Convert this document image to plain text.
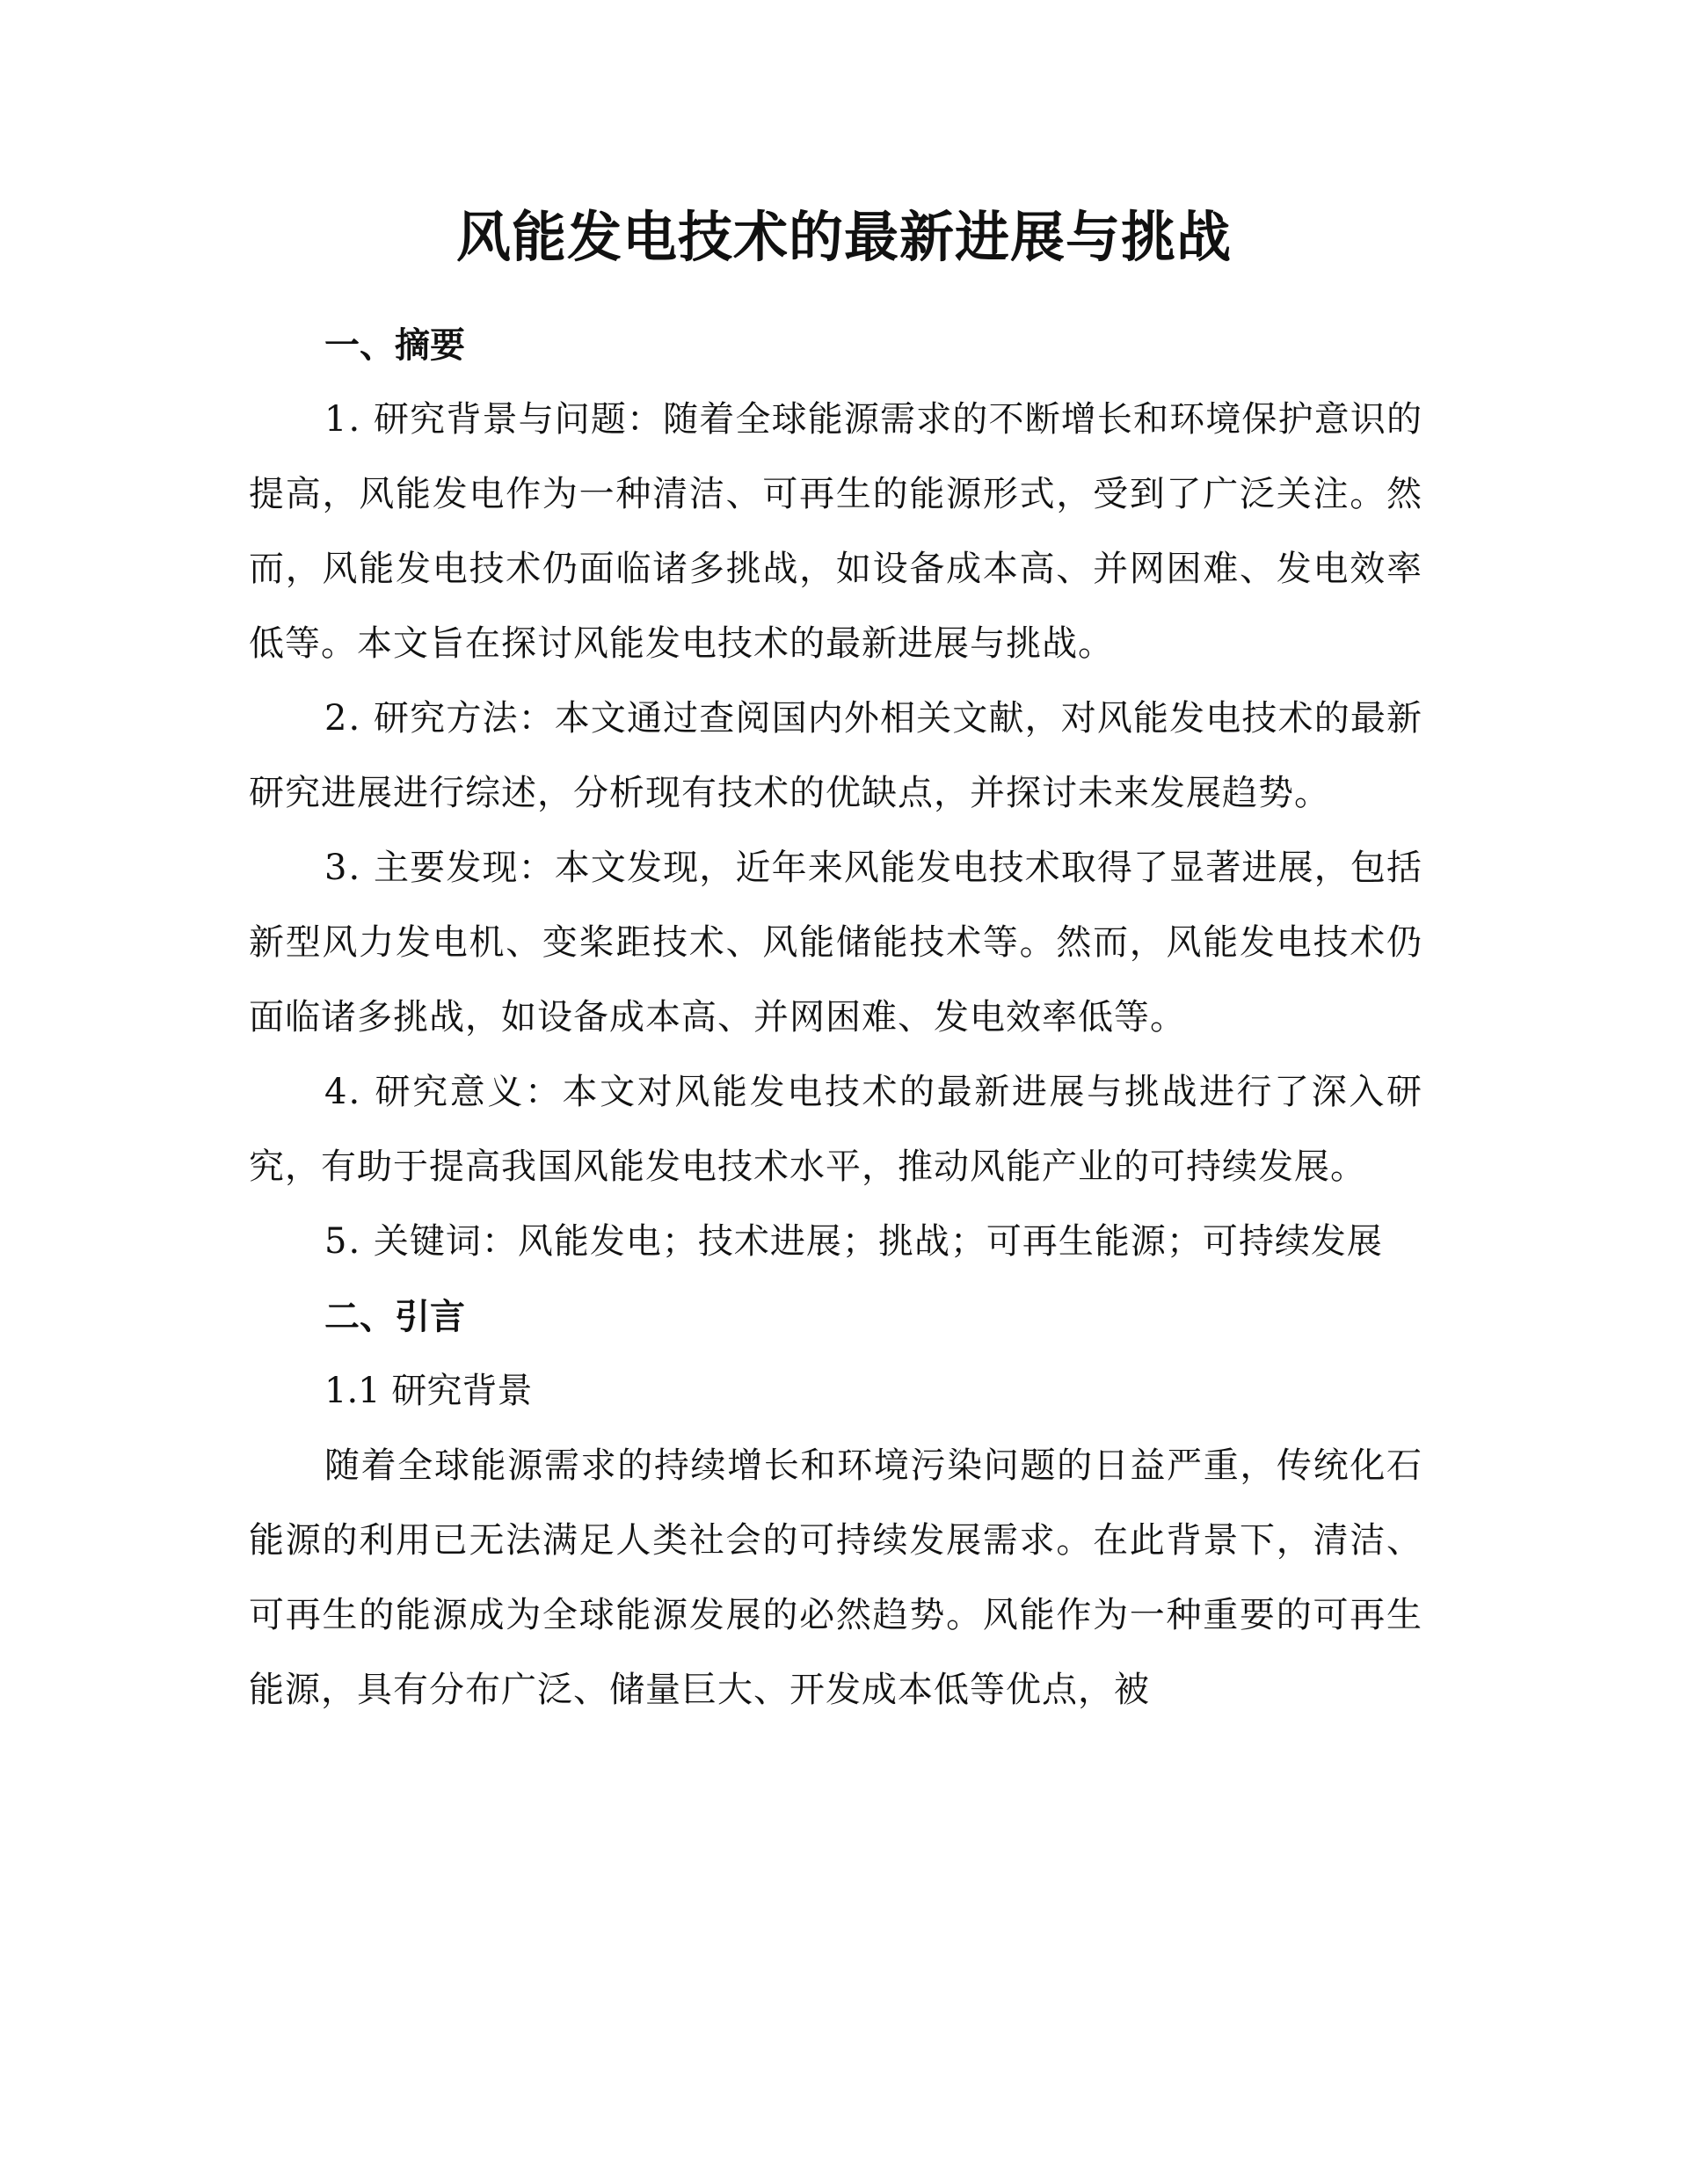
风能发电技术的最新进展与挑战
一、摘要

1. 研究背景与问题：随着全球能源需求的不断增长和环境保护意识的提高，风能发电作为一种清洁、可再生的能源形式，受到了广泛关注。然而，风能发电技术仍面临诸多挑战，如设备成本高、并网困难、发电效率低等。本文旨在探讨风能发电技术的最新进展与挑战。

2. 研究方法：本文通过查阅国内外相关文献，对风能发电技术的最新研究进展进行综述，分析现有技术的优缺点，并探讨未来发展趋势。

3. 主要发现：本文发现，近年来风能发电技术取得了显著进展，包括新型风力发电机、变桨距技术、风能储能技术等。然而，风能发电技术仍面临诸多挑战，如设备成本高、并网困难、发电效率低等。

4. 研究意义：本文对风能发电技术的最新进展与挑战进行了深入研究，有助于提高我国风能发电技术水平，推动风能产业的可持续发展。

5. 关键词：风能发电；技术进展；挑战；可再生能源；可持续发展

二、引言
1.1 研究背景

随着全球能源需求的持续增长和环境污染问题的日益严重，传统化石能源的利用已无法满足人类社会的可持续发展需求。在此背景下，清洁、可再生的能源成为全球能源发展的必然趋势。风能作为一种重要的可再生能源，具有分布广泛、储量巨大、开发成本低等优点，被
